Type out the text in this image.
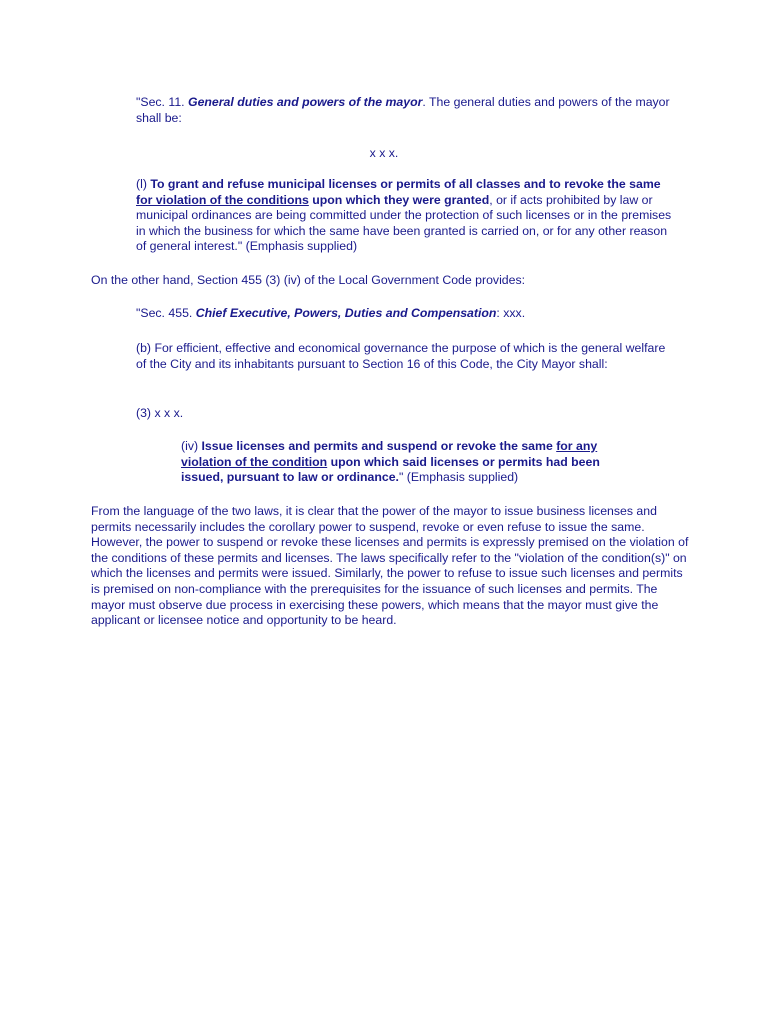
"Sec. 11. General duties and powers of the mayor. The general duties and powers of the mayor shall be:

x x x.

(l) To grant and refuse municipal licenses or permits of all classes and to revoke the same for violation of the conditions upon which they were granted, or if acts prohibited by law or municipal ordinances are being committed under the protection of such licenses or in the premises in which the business for which the same have been granted is carried on, or for any other reason of general interest." (Emphasis supplied)

On the other hand, Section 455 (3) (iv) of the Local Government Code provides:

"Sec. 455. Chief Executive, Powers, Duties and Compensation: xxx.

(b) For efficient, effective and economical governance the purpose of which is the general welfare of the City and its inhabitants pursuant to Section 16 of this Code, the City Mayor shall:

(3) x x x.

(iv) Issue licenses and permits and suspend or revoke the same for any violation of the condition upon which said licenses or permits had been issued, pursuant to law or ordinance." (Emphasis supplied)

From the language of the two laws, it is clear that the power of the mayor to issue business licenses and permits necessarily includes the corollary power to suspend, revoke or even refuse to issue the same. However, the power to suspend or revoke these licenses and permits is expressly premised on the violation of the conditions of these permits and licenses. The laws specifically refer to the "violation of the condition(s)" on which the licenses and permits were issued. Similarly, the power to refuse to issue such licenses and permits is premised on non-compliance with the prerequisites for the issuance of such licenses and permits. The mayor must observe due process in exercising these powers, which means that the mayor must give the applicant or licensee notice and opportunity to be heard.
